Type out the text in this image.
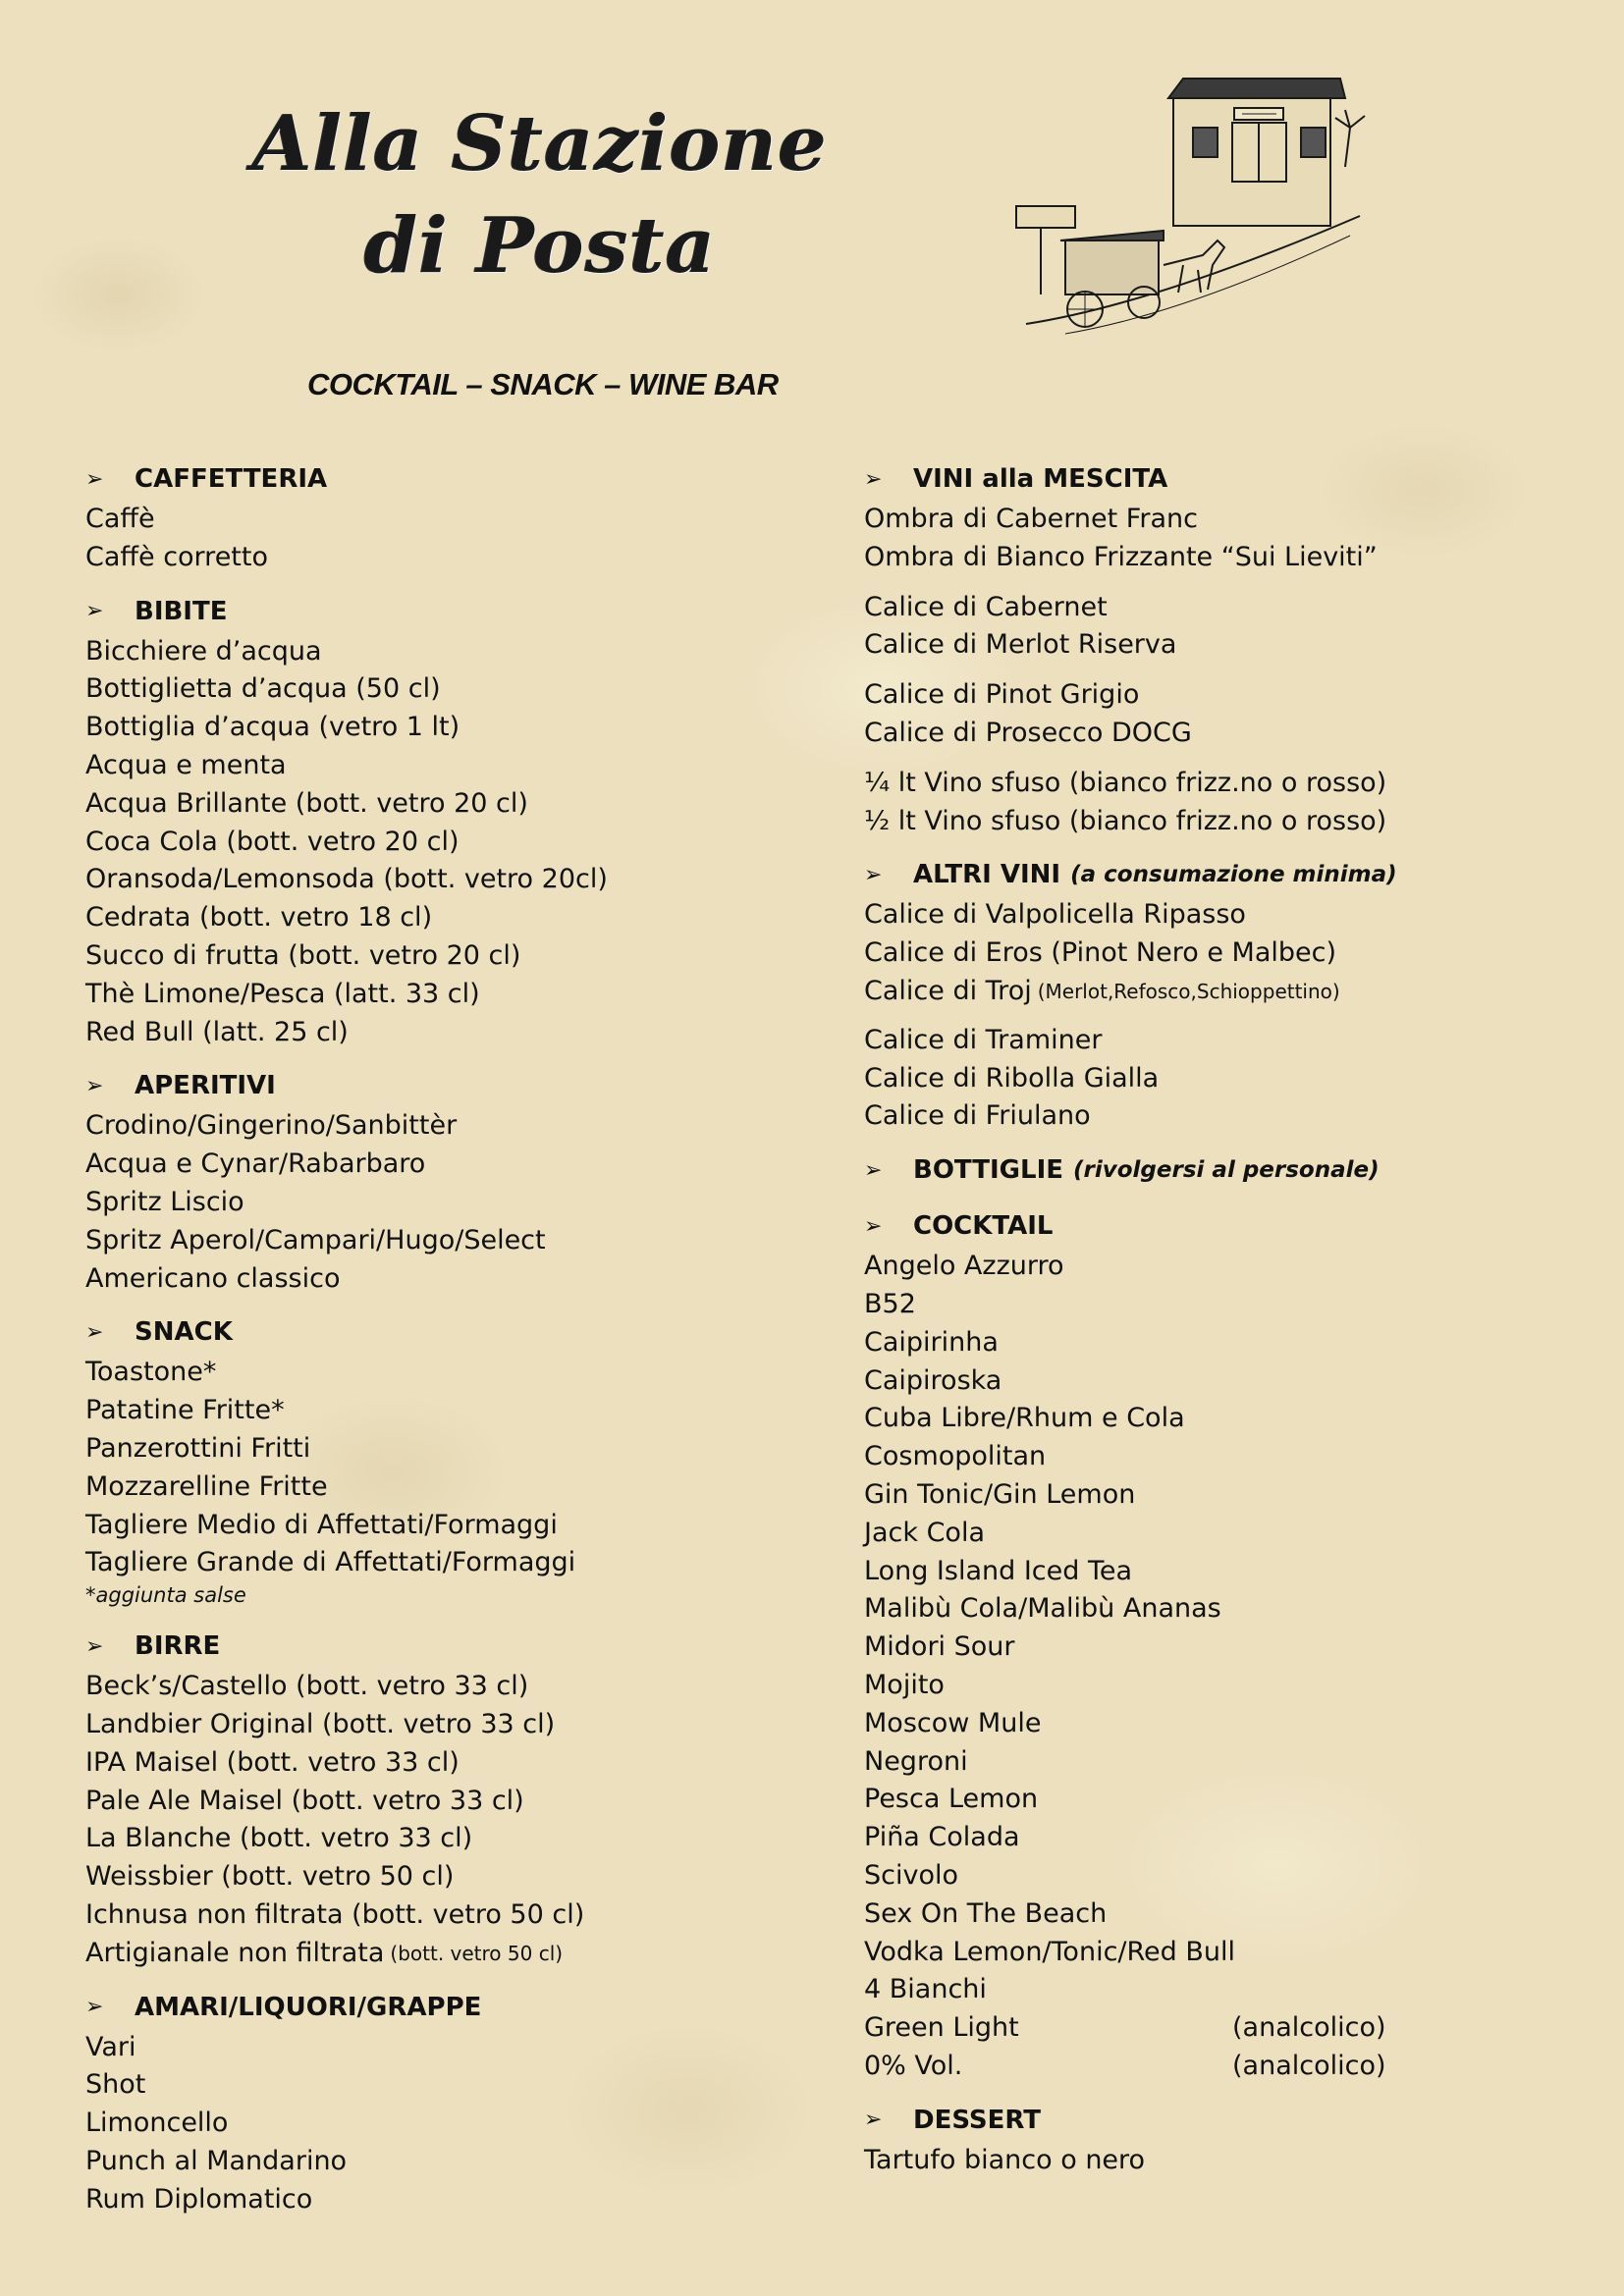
Alla Stazione
di Posta
COCKTAIL – SNACK – WINE BAR
➢	CAFFETTERIA
Caffè
Caffè corretto
➢	BIBITE
Bicchiere d’acqua
Bottiglietta d’acqua (50 cl)
Bottiglia d’acqua (vetro 1 lt)
Acqua e menta
Acqua Brillante (bott. vetro 20 cl)
Coca Cola (bott. vetro 20 cl)
Oransoda/Lemonsoda (bott. vetro 20cl)
Cedrata (bott. vetro 18 cl)
Succo di frutta (bott. vetro 20 cl)
Thè Limone/Pesca (latt. 33 cl)
Red Bull (latt. 25 cl)
➢	APERITIVI
Crodino/Gingerino/Sanbittèr
Acqua e Cynar/Rabarbaro
Spritz Liscio
Spritz Aperol/Campari/Hugo/Select
Americano classico
➢	SNACK
Toastone*
Patatine Fritte*
Panzerottini Fritti
Mozzarelline Fritte
Tagliere Medio di Affettati/Formaggi
Tagliere Grande di Affettati/Formaggi
*aggiunta salse
➢	BIRRE
Beck’s/Castello (bott. vetro 33 cl)
Landbier Original (bott. vetro 33 cl)
IPA Maisel (bott. vetro 33 cl)
Pale Ale Maisel (bott. vetro 33 cl)
La Blanche (bott. vetro 33 cl)
Weissbier (bott. vetro 50 cl)
Ichnusa non filtrata (bott. vetro 50 cl)
Artigianale non filtrata (bott. vetro 50 cl)
➢	AMARI/LIQUORI/GRAPPE
Vari
Shot
Limoncello
Punch al Mandarino
Rum Diplomatico
➢	VINI alla MESCITA
Ombra di Cabernet Franc
Ombra di Bianco Frizzante “Sui Lieviti”
Calice di Cabernet
Calice di Merlot Riserva
Calice di Pinot Grigio
Calice di Prosecco DOCG
¼ lt Vino sfuso (bianco frizz.no o rosso)
½ lt Vino sfuso (bianco frizz.no o rosso)
➢	ALTRI VINI (a consumazione minima)
Calice di Valpolicella Ripasso
Calice di Eros (Pinot Nero e Malbec)
Calice di Troj (Merlot,Refosco,Schioppettino)
Calice di Traminer
Calice di Ribolla Gialla
Calice di Friulano
➢	BOTTIGLIE (rivolgersi al personale)
➢	COCKTAIL
Angelo Azzurro
B52
Caipirinha
Caipiroska
Cuba Libre/Rhum e Cola
Cosmopolitan
Gin Tonic/Gin Lemon
Jack Cola
Long Island Iced Tea
Malibù Cola/Malibù Ananas
Midori Sour
Mojito
Moscow Mule
Negroni
Pesca Lemon
Piña Colada
Scivolo
Sex On The Beach
Vodka Lemon/Tonic/Red Bull
4 Bianchi
Green Light	(analcolico)
0% Vol.	(analcolico)
➢	DESSERT
Tartufo bianco o nero
